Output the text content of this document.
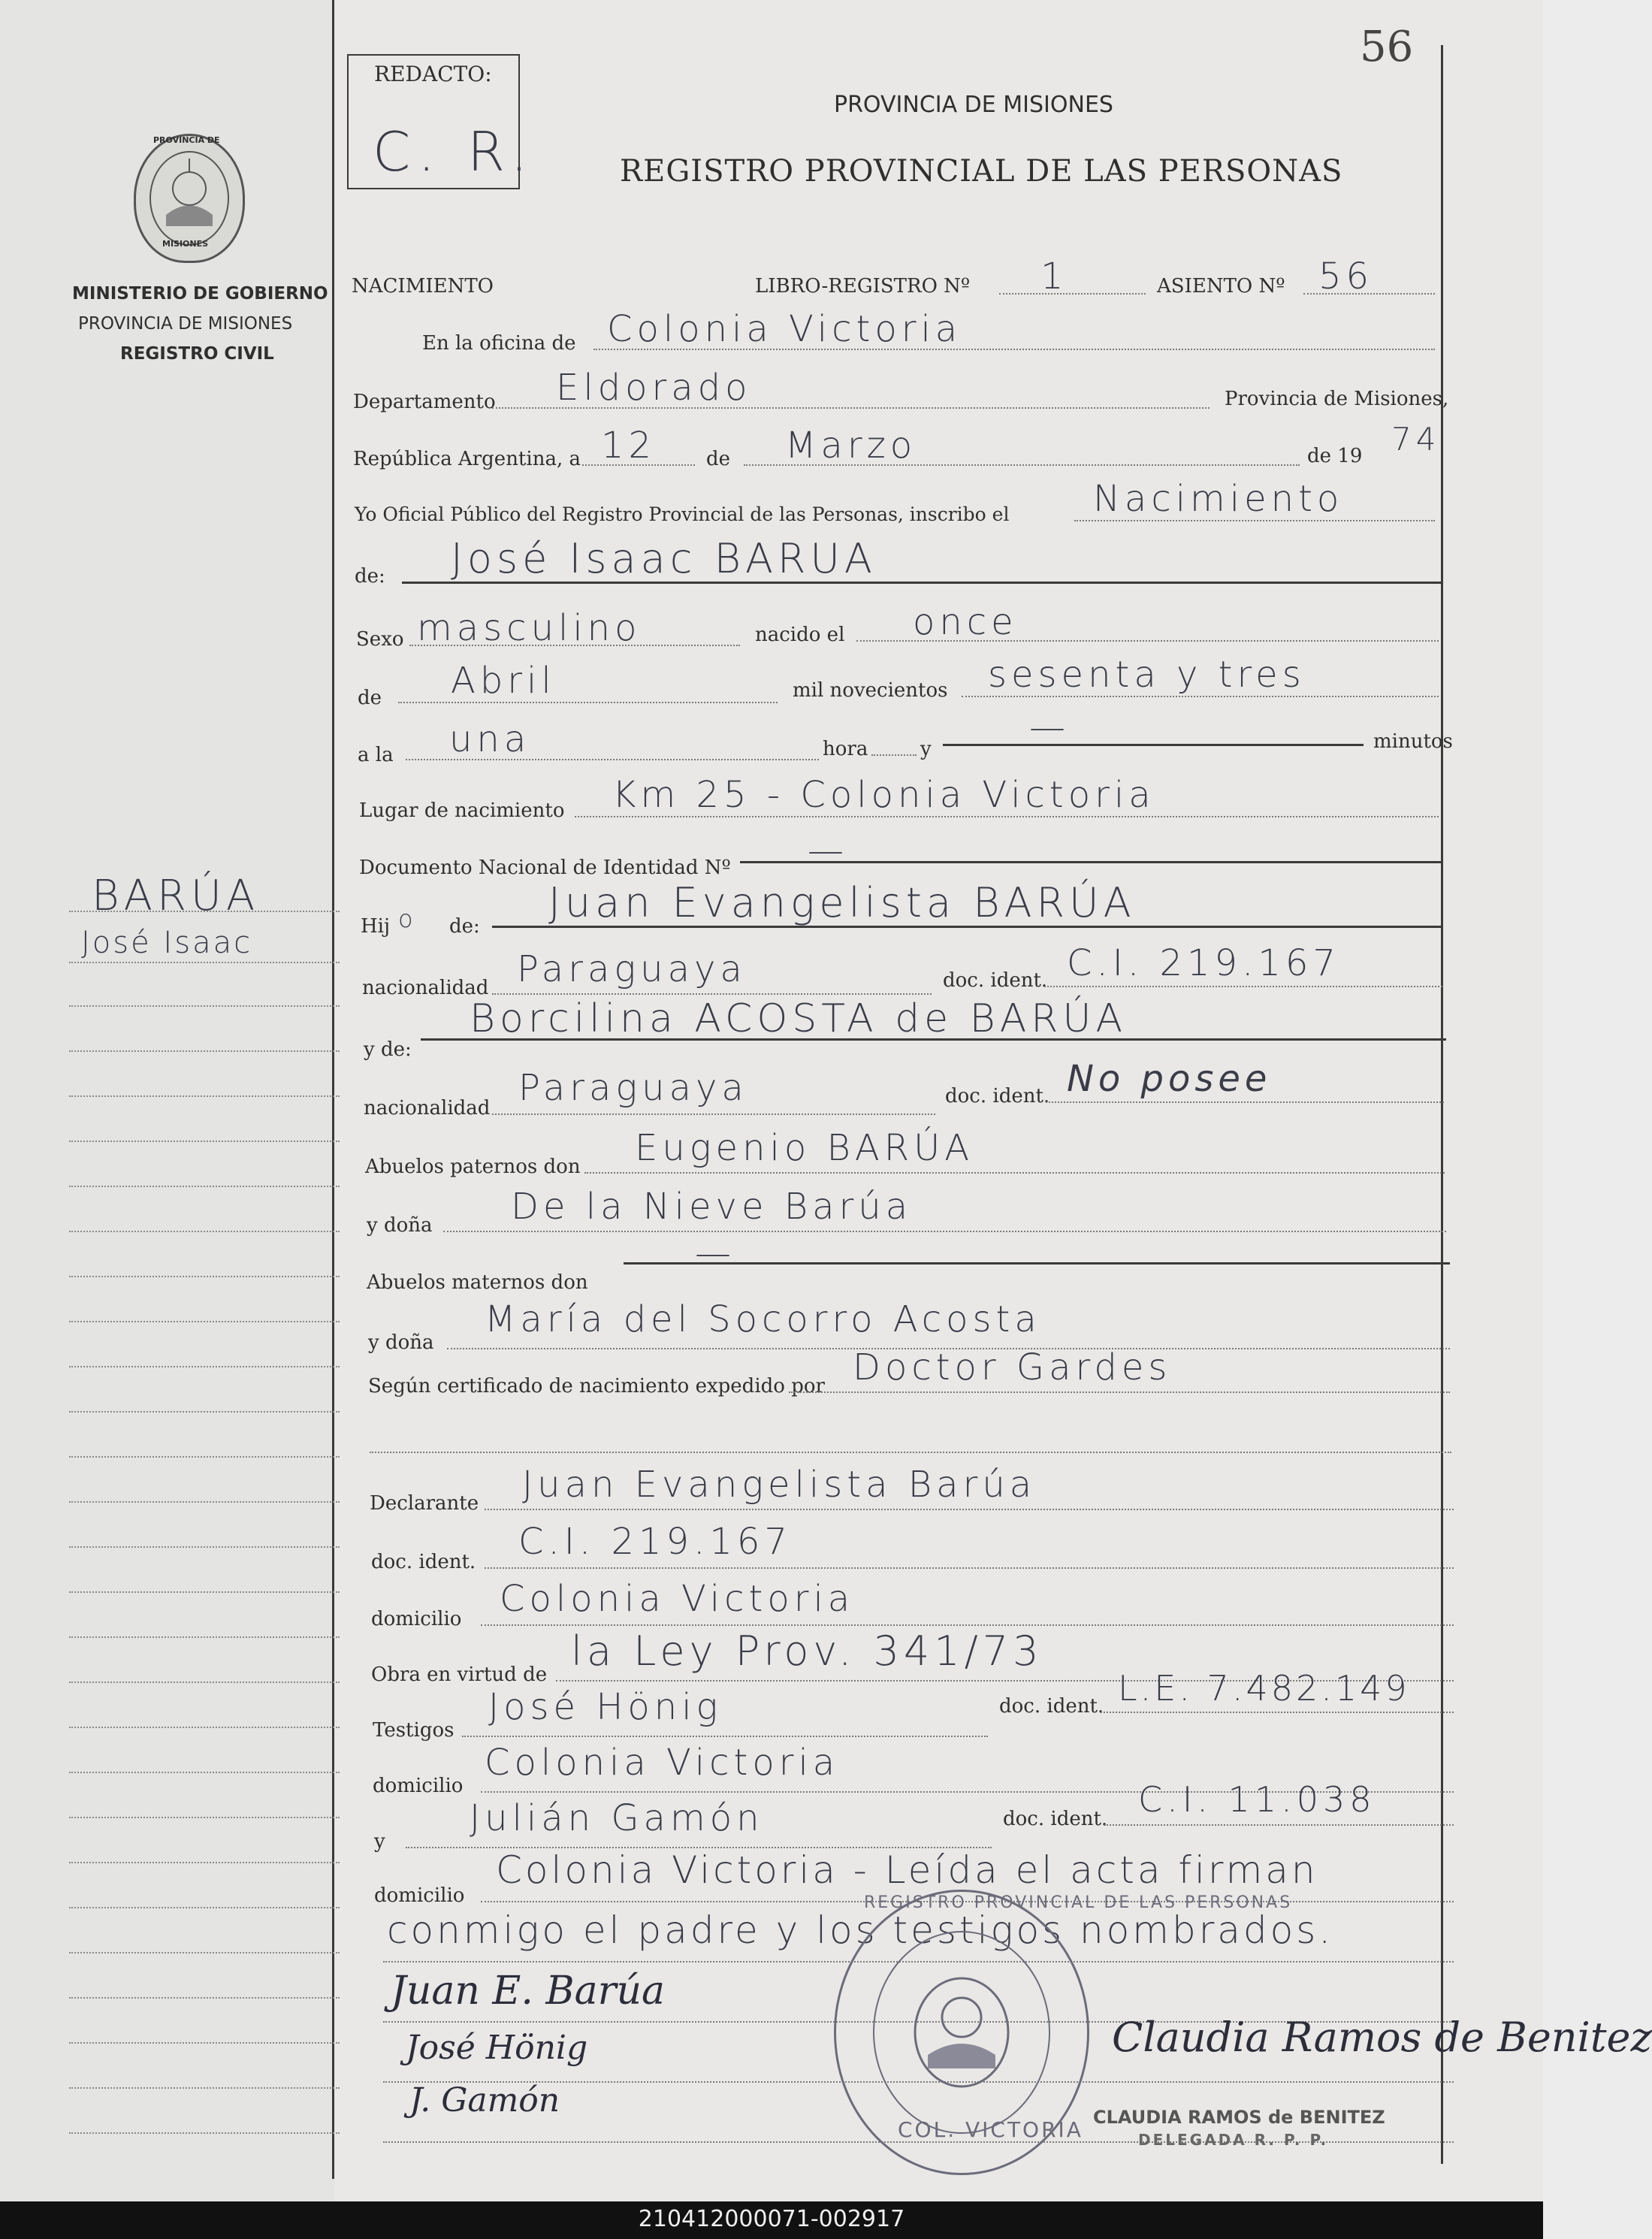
56
REDACTO:
C. R.
PROVINCIA DE MISIONES
REGISTRO PROVINCIAL DE LAS PERSONAS
PROVINCIA DE
MISIONES
MINISTERIO DE GOBIERNO
PROVINCIA DE MISIONES
REGISTRO CIVIL
BARÚA
José Isaac
NACIMIENTO	LIBRO-REGISTRO Nº 1	ASIENTO Nº 56
En la oficina de Colonia Victoria
Departamento Eldorado	Provincia de Misiones,
República Argentina, a 12	de Marzo	de 19 74
Yo Oficial Público del Registro Provincial de las Personas, inscribo el Nacimiento
de: José Isaac BARUA
Sexo masculino	nacido el once
de Abril	mil novecientos sesenta y tres
a la una	hora	y
—	minutos
Lugar de nacimiento Km 25 - Colonia Victoria
Documento Nacional de Identidad Nº —
Hij o de: Juan Evangelista BARÚA
nacionalidad Paraguaya	doc. ident. C.I. 219.167
y de:
Borcilina ACOSTA de BARÚA
nacionalidad Paraguaya	doc. ident. No posee
Abuelos paternos don Eugenio BARÚA
y doña De la Nieve Barúa
Abuelos maternos don
—
y doña
María del Socorro Acosta
Según certificado de nacimiento expedido por Doctor Gardes
Declarante Juan Evangelista Barúa
doc. ident. C.I. 219.167
domicilio Colonia Victoria
Obra en virtud de la Ley Prov. 341/73
Testigos
José Hönig	doc. ident. L.E. 7.482.149
domicilio
Colonia Victoria
y
Julián Gamón	doc. ident. C.I. 11.038
domicilio
Colonia Victoria - Leída el acta firman
conmigo el padre y los testigos nombrados.
REGISTRO PROVINCIAL DE LAS PERSONAS
COL. VICTORIA
Juan E. Barúa
José Hönig
J. Gamón
Claudia Ramos de Benitez
CLAUDIA RAMOS de BENITEZ
DELEGADA R. P. P.
210412000071-002917
